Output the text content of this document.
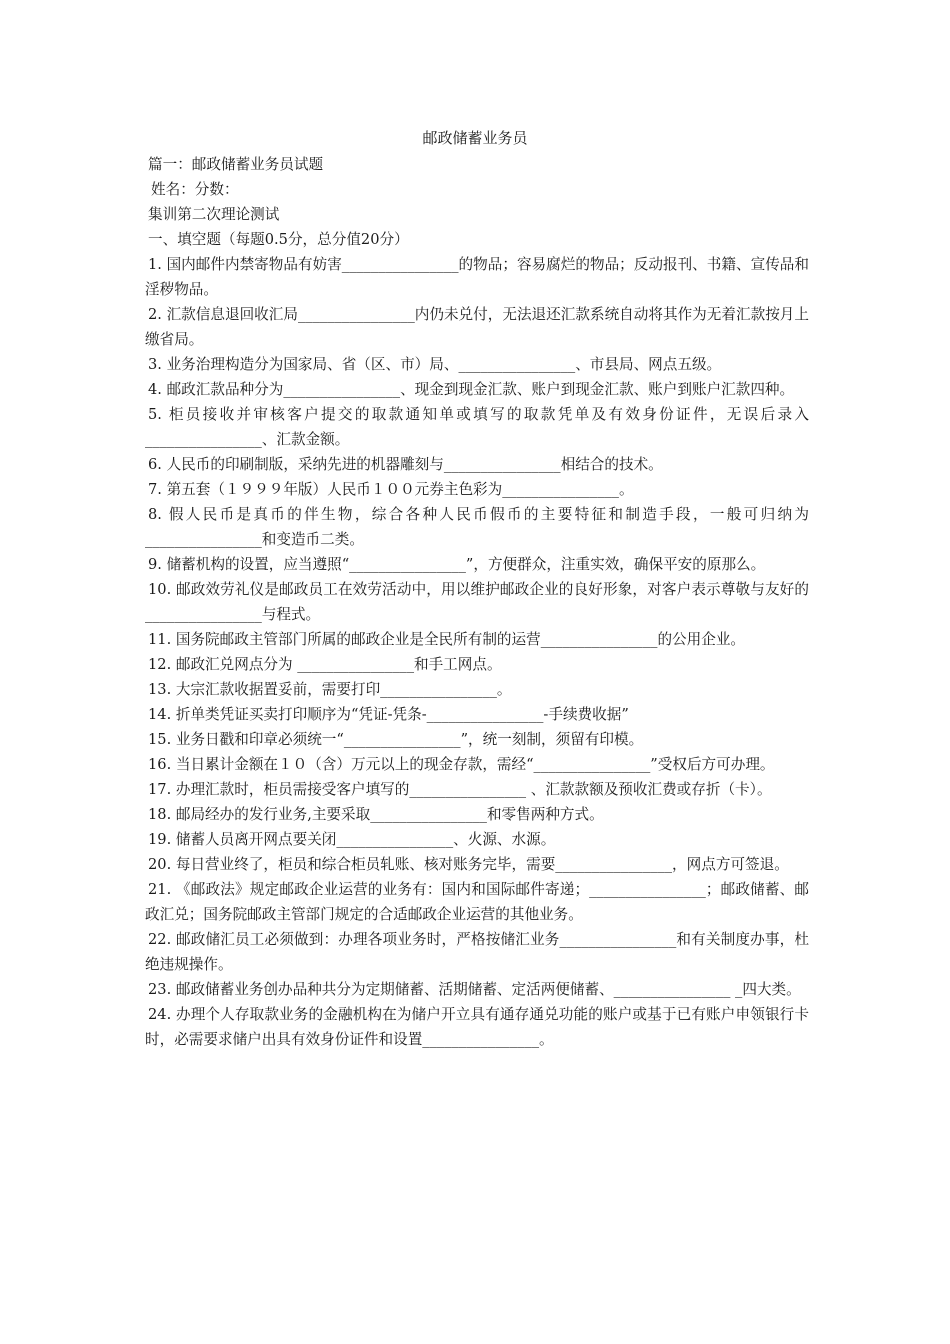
邮政储蓄业务员

篇一：邮政储蓄业务员试题

姓名：分数：

集训第二次理论测试

一、填空题（每题0.5分，总分值20分）

1. 国内邮件内禁寄物品有妨害________________的物品；容易腐烂的物品；反动报刊、书籍、宣传品和淫秽物品。

2. 汇款信息退回收汇局________________内仍未兑付，无法退还汇款系统自动将其作为无着汇款按月上缴省局。

3. 业务治理构造分为国家局、省（区、市）局、________________、市县局、网点五级。

4. 邮政汇款品种分为________________、现金到现金汇款、账户到现金汇款、账户到账户汇款四种。

5. 柜员接收并审核客户提交的取款通知单或填写的取款凭单及有效身份证件，无误后录入________________、汇款金额。

6. 人民币的印刷制版，采纳先进的机器雕刻与________________相结合的技术。

7. 第五套（１９９９年版）人民币１００元券主色彩为________________。

8. 假人民币是真币的伴生物，综合各种人民币假币的主要特征和制造手段，一般可归纳为________________和变造币二类。

9. 储蓄机构的设置，应当遵照“________________”，方便群众，注重实效，确保平安的原那么。

10. 邮政效劳礼仪是邮政员工在效劳活动中，用以维护邮政企业的良好形象，对客户表示尊敬与友好的________________与程式。

11. 国务院邮政主管部门所属的邮政企业是全民所有制的运营________________的公用企业。

12. 邮政汇兑网点分为 ________________和手工网点。

13. 大宗汇款收据置妥前，需要打印________________。

14. 折单类凭证买卖打印顺序为“凭证-凭条-________________-手续费收据”

15. 业务日戳和印章必须统一“________________”，统一刻制，须留有印模。

16. 当日累计金额在１０（含）万元以上的现金存款，需经“________________”受权后方可办理。

17. 办理汇款时，柜员需接受客户填写的________________ 、汇款款额及预收汇费或存折（卡）。

18. 邮局经办的发行业务,主要采取________________和零售两种方式。

19. 储蓄人员离开网点要关闭________________、火源、水源。

20. 每日营业终了，柜员和综合柜员轧账、核对账务完毕，需要________________，网点方可签退。

21. 《邮政法》规定邮政企业运营的业务有：国内和国际邮件寄递；________________；邮政储蓄、邮政汇兑；国务院邮政主管部门规定的合适邮政企业运营的其他业务。

22. 邮政储汇员工必须做到：办理各项业务时，严格按储汇业务________________和有关制度办事，杜绝违规操作。

23. 邮政储蓄业务创办品种共分为定期储蓄、活期储蓄、定活两便储蓄、________________ _四大类。

24. 办理个人存取款业务的金融机构在为储户开立具有通存通兑功能的账户或基于已有账户申领银行卡时，必需要求储户出具有效身份证件和设置________________。
